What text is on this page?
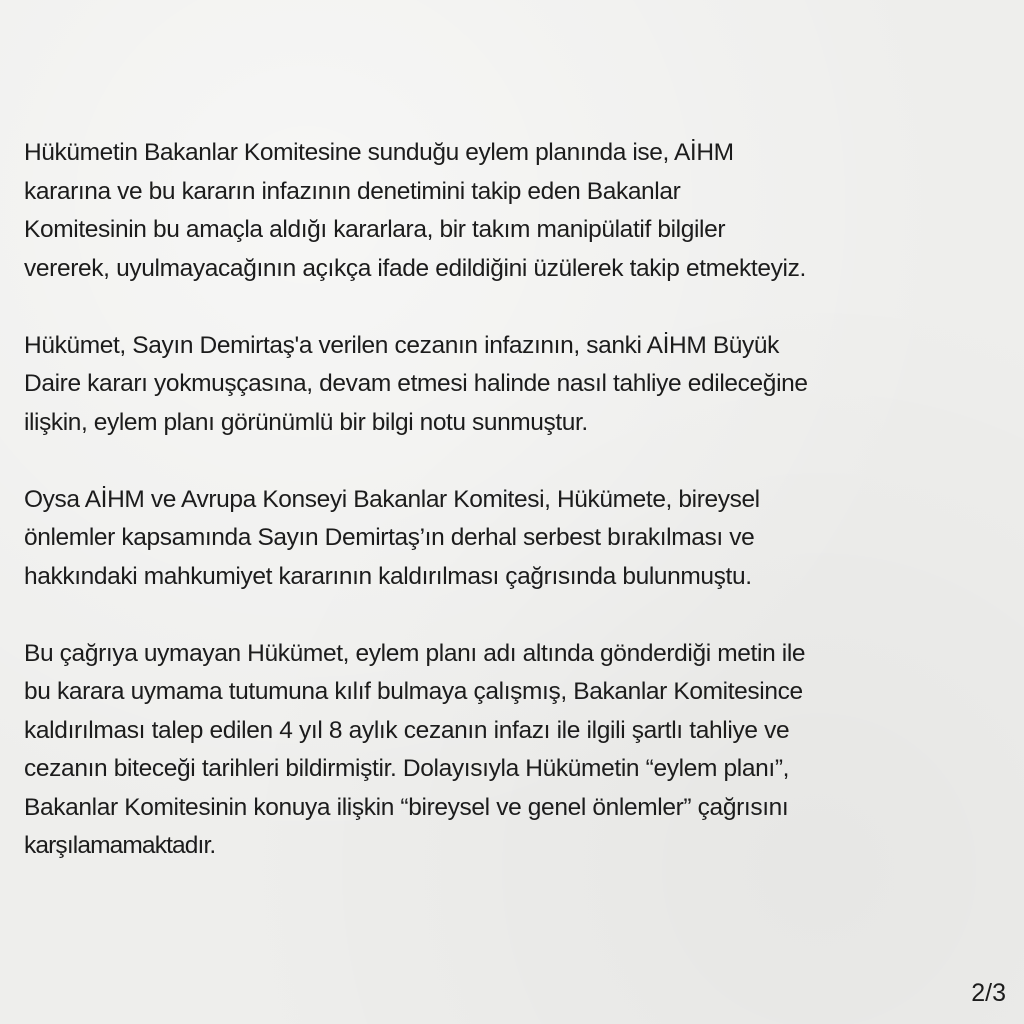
Hükümetin Bakanlar Komitesine sunduğu eylem planında ise, AİHM
kararına ve bu kararın infazının denetimini takip eden Bakanlar
Komitesinin bu amaçla aldığı kararlara, bir takım manipülatif bilgiler
vererek, uyulmayacağının açıkça ifade edildiğini üzülerek takip etmekteyiz.
Hükümet, Sayın Demirtaş'a verilen cezanın infazının, sanki AİHM Büyük
Daire kararı yokmuşçasına, devam etmesi halinde nasıl tahliye edileceğine
ilişkin, eylem planı görünümlü bir bilgi notu sunmuştur.
Oysa AİHM ve Avrupa Konseyi Bakanlar Komitesi, Hükümete, bireysel
önlemler kapsamında Sayın Demirtaş’ın derhal serbest bırakılması ve
hakkındaki mahkumiyet kararının kaldırılması çağrısında bulunmuştu.
Bu çağrıya uymayan Hükümet, eylem planı adı altında gönderdiği metin ile
bu karara uymama tutumuna kılıf bulmaya çalışmış, Bakanlar Komitesince
kaldırılması talep edilen 4 yıl 8 aylık cezanın infazı ile ilgili şartlı tahliye ve
cezanın biteceği tarihleri bildirmiştir. Dolayısıyla Hükümetin “eylem planı”,
Bakanlar Komitesinin konuya ilişkin “bireysel ve genel önlemler” çağrısını
karşılamamaktadır.
2/3
